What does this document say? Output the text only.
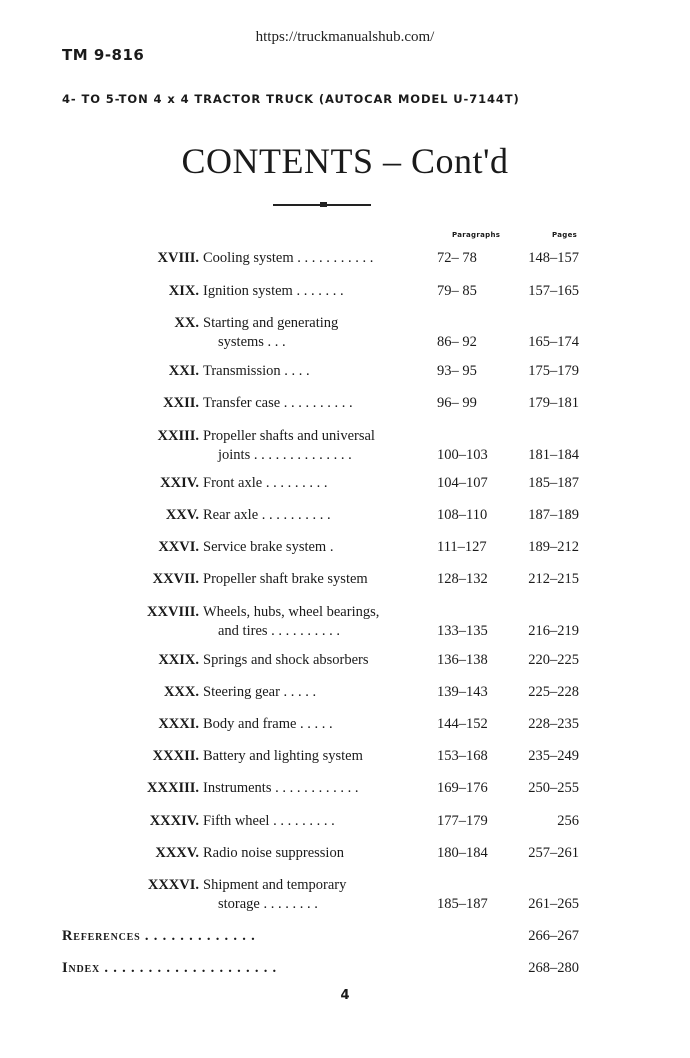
https://truckmanualshub.com/
TM 9-816
4- TO 5-TON 4 x 4 TRACTOR TRUCK (AUTOCAR MODEL U-7144T)
CONTENTS – Cont'd
Paragraphs	Pages
XVIII. Cooling system . . . . . . . . . . .	72– 78	148–157
XIX. Ignition system . . . . . . .	79– 85	157–165
XX. Starting and generating
systems . . .	86– 92	165–174
XXI. Transmission . . . .	93– 95	175–179
XXII. Transfer case . . . . . . . . . .	96– 99	179–181
XXIII. Propeller shafts and universal
joints . . . . . . . . . . . . . .	100–103	181–184
XXIV. Front axle . . . . . . . . .	104–107	185–187
XXV. Rear axle . . . . . . . . . .	108–110	187–189
XXVI. Service brake system .	111–127	189–212
XXVII. Propeller shaft brake system	128–132	212–215
XXVIII. Wheels, hubs, wheel bearings,
and tires . . . . . . . . . .	133–135	216–219
XXIX. Springs and shock absorbers	136–138	220–225
XXX. Steering gear . . . . .	139–143	225–228
XXXI. Body and frame . . . . .	144–152	228–235
XXXII. Battery and lighting system	153–168	235–249
XXXIII. Instruments . . . . . . . . . . . .	169–176	250–255
XXXIV. Fifth wheel . . . . . . . . .	177–179	256
XXXV. Radio noise suppression	180–184	257–261
XXXVI. Shipment and temporary
storage . . . . . . . .	185–187	261–265
References . . . . . . . . . . . . .	266–267
Index . . . . . . . . . . . . . . . . . . . .	268–280
4
